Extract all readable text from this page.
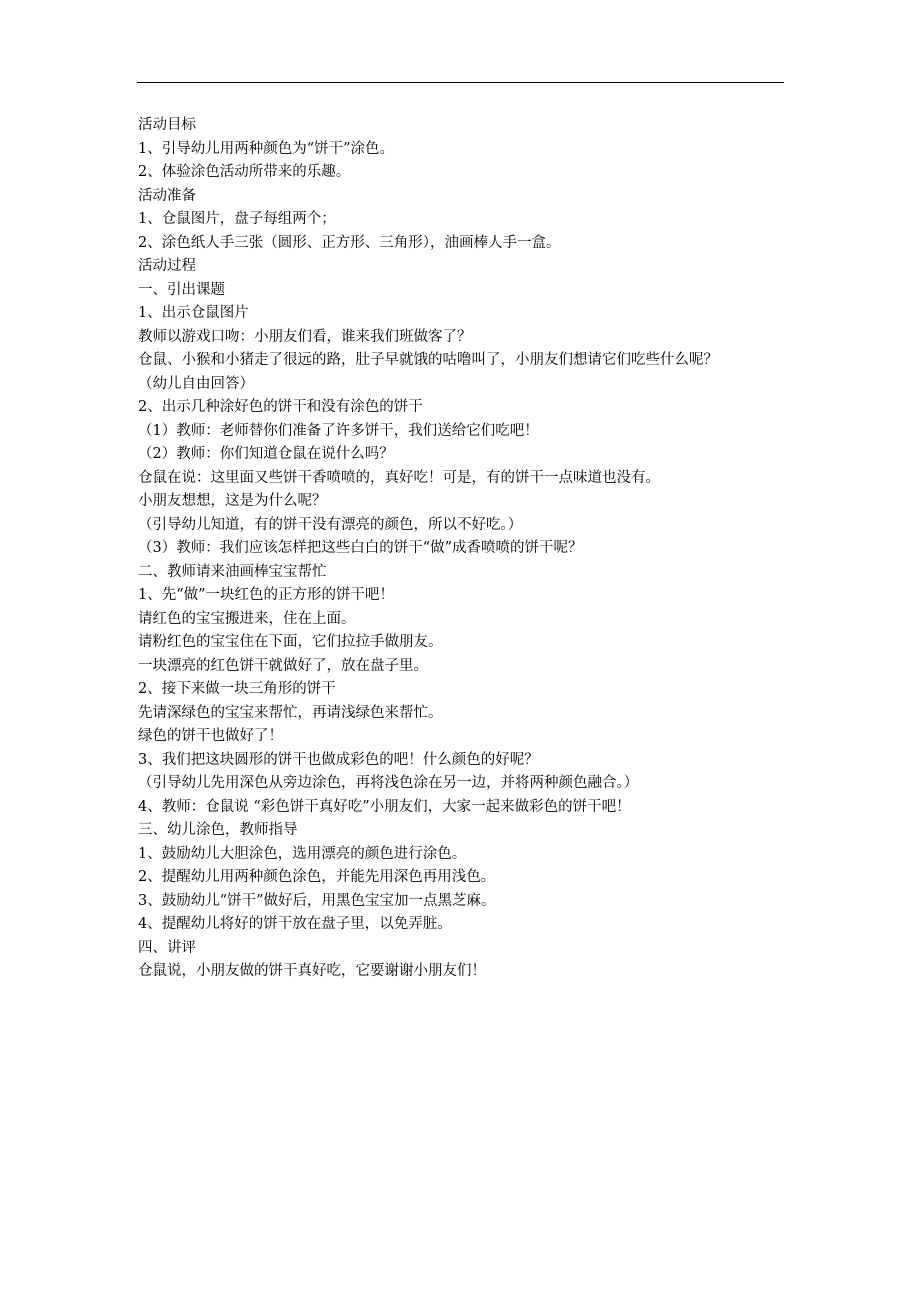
活动目标

1、引导幼儿用两种颜色为“饼干”涂色。

2、体验涂色活动所带来的乐趣。

活动准备

1、仓鼠图片，盘子每组两个；

2、涂色纸人手三张（圆形、正方形、三角形），油画棒人手一盒。

活动过程

一、引出课题

1、出示仓鼠图片

教师以游戏口吻：小朋友们看，谁来我们班做客了？

仓鼠、小猴和小猪走了很远的路，肚子早就饿的咕噜叫了，小朋友们想请它们吃些什么呢？

（幼儿自由回答）

2、出示几种涂好色的饼干和没有涂色的饼干

（1）教师：老师替你们准备了许多饼干，我们送给它们吃吧！

（2）教师：你们知道仓鼠在说什么吗？

仓鼠在说：这里面又些饼干香喷喷的，真好吃！可是，有的饼干一点味道也没有。

小朋友想想，这是为什么呢？

（引导幼儿知道，有的饼干没有漂亮的颜色，所以不好吃。）

（3）教师：我们应该怎样把这些白白的饼干“做”成香喷喷的饼干呢？

二、教师请来油画棒宝宝帮忙

1、先“做”一块红色的正方形的饼干吧！

请红色的宝宝搬进来，住在上面。

请粉红色的宝宝住在下面，它们拉拉手做朋友。

一块漂亮的红色饼干就做好了，放在盘子里。

2、接下来做一块三角形的饼干

先请深绿色的宝宝来帮忙，再请浅绿色来帮忙。

绿色的饼干也做好了！

3、我们把这块圆形的饼干也做成彩色的吧！什么颜色的好呢？

（引导幼儿先用深色从旁边涂色，再将浅色涂在另一边，并将两种颜色融合。）

4、教师：仓鼠说 “彩色饼干真好吃”小朋友们，大家一起来做彩色的饼干吧！

三、幼儿涂色，教师指导

1、鼓励幼儿大胆涂色，选用漂亮的颜色进行涂色。

2、提醒幼儿用两种颜色涂色，并能先用深色再用浅色。

3、鼓励幼儿“饼干”做好后，用黑色宝宝加一点黑芝麻。

4、提醒幼儿将好的饼干放在盘子里，以免弄脏。

四、讲评

仓鼠说，小朋友做的饼干真好吃，它要谢谢小朋友们！
